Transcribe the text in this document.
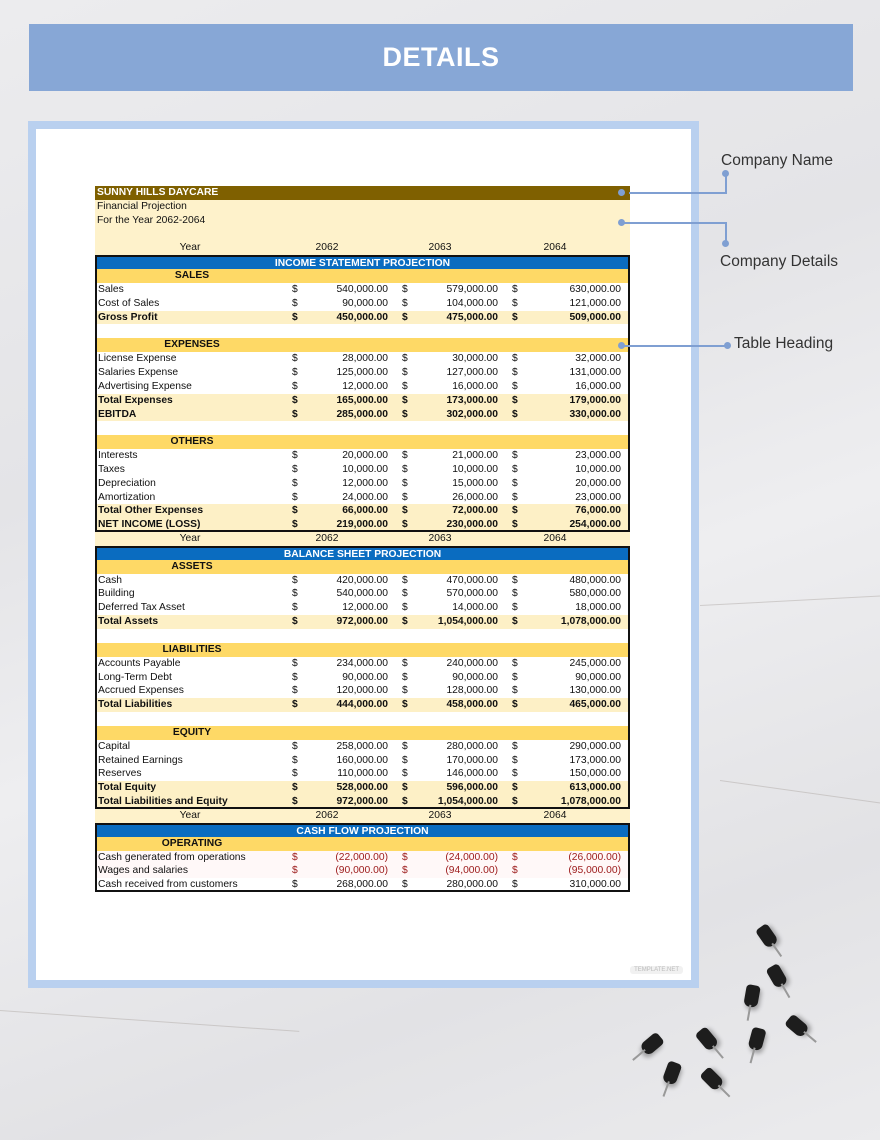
DETAILS
TEMPLATE.NET
SUNNY HILLS DAYCARE
Financial Projection
For the Year 2062-2064
Year	2062	2063	2064
INCOME STATEMENT PROJECTION
SALES
Sales	$	540,000.00 $	579,000.00 $	630,000.00
Cost of Sales	$	90,000.00 $	104,000.00 $	121,000.00
Gross Profit	$	450,000.00 $	475,000.00 $	509,000.00
EXPENSES
License Expense	$	28,000.00 $	30,000.00 $	32,000.00
Salaries Expense	$	125,000.00 $	127,000.00 $	131,000.00
Advertising Expense	$	12,000.00 $	16,000.00 $	16,000.00
Total Expenses	$	165,000.00 $	173,000.00 $	179,000.00
EBITDA	$	285,000.00 $	302,000.00 $	330,000.00
OTHERS
Interests	$	20,000.00 $	21,000.00 $	23,000.00
Taxes	$	10,000.00 $	10,000.00 $	10,000.00
Depreciation	$	12,000.00 $	15,000.00 $	20,000.00
Amortization	$	24,000.00 $	26,000.00 $	23,000.00
Total Other Expenses	$	66,000.00 $	72,000.00 $	76,000.00
NET INCOME (LOSS)	$	219,000.00 $	230,000.00 $	254,000.00
Year	2062	2063	2064
BALANCE SHEET PROJECTION
ASSETS
Cash	$	420,000.00 $	470,000.00 $	480,000.00
Building	$	540,000.00 $	570,000.00 $	580,000.00
Deferred Tax Asset	$	12,000.00 $	14,000.00 $	18,000.00
Total Assets	$	972,000.00 $	1,054,000.00 $	1,078,000.00
LIABILITIES
Accounts Payable	$	234,000.00 $	240,000.00 $	245,000.00
Long-Term Debt	$	90,000.00 $	90,000.00 $	90,000.00
Accrued Expenses	$	120,000.00 $	128,000.00 $	130,000.00
Total Liabilities	$	444,000.00 $	458,000.00 $	465,000.00
EQUITY
Capital	$	258,000.00 $	280,000.00 $	290,000.00
Retained Earnings	$	160,000.00 $	170,000.00 $	173,000.00
Reserves	$	110,000.00 $	146,000.00 $	150,000.00
Total Equity	$	528,000.00 $	596,000.00 $	613,000.00
Total Liabilities and Equity	$	972,000.00 $	1,054,000.00 $	1,078,000.00
Year	2062	2063	2064
CASH FLOW PROJECTION
OPERATING
Cash generated from operations	$	(22,000.00) $	(24,000.00) $	(26,000.00)
Wages and salaries	$	(90,000.00) $	(94,000.00) $	(95,000.00)
Cash received from customers	$	268,000.00 $	280,000.00 $	310,000.00
Company Name
Company Details
Table Heading
